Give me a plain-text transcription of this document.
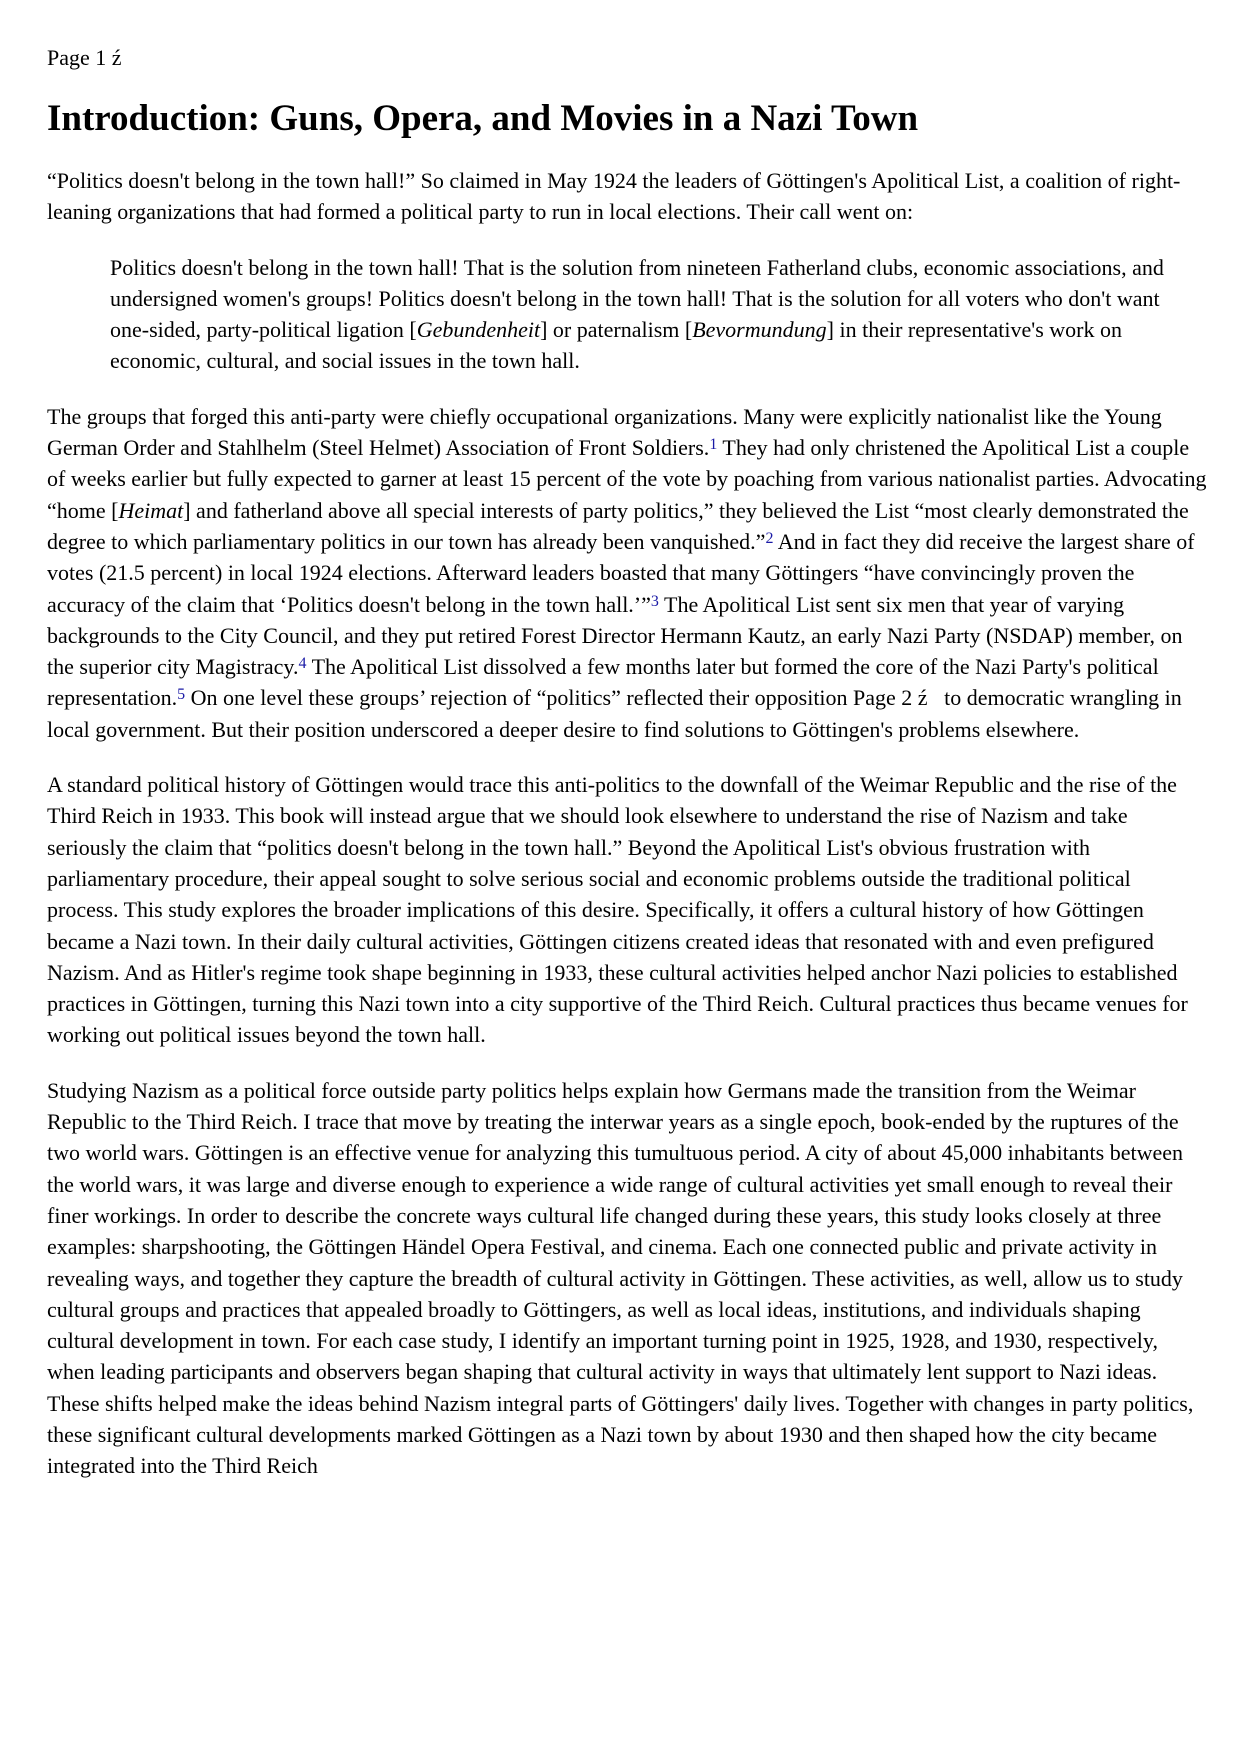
Page 1 ź
Introduction: Guns, Opera, and Movies in a Nazi Town

“Politics doesn't belong in the town hall!” So claimed in May 1924 the leaders of Göttingen's Apolitical List, a coalition of right-leaning organizations that had formed a political party to run in local elections. Their call went on:

Politics doesn't belong in the town hall! That is the solution from nineteen Fatherland clubs, economic associations, and undersigned women's groups! Politics doesn't belong in the town hall! That is the solution for all voters who don't want one-sided, party-political ligation [Gebundenheit] or paternalism [Bevormundung] in their representative's work on economic, cultural, and social issues in the town hall.

The groups that forged this anti-party were chiefly occupational organizations. Many were explicitly nationalist like the Young German Order and Stahlhelm (Steel Helmet) Association of Front Soldiers.$^1$ They had only christened the Apolitical List a couple of weeks earlier but fully expected to garner at least 15 percent of the vote by poaching from various nationalist parties. Advocating “home [Heimat] and fatherland above all special interests of party politics,” they believed the List “most clearly demonstrated the degree to which parliamentary politics in our town has already been vanquished.”$^2$ And in fact they did receive the largest share of votes (21.5 percent) in local 1924 elections. Afterward leaders boasted that many Göttingers “have convincingly proven the accuracy of the claim that ‘Politics doesn't belong in the town hall.’”$^3$ The Apolitical List sent six men that year of varying backgrounds to the City Council, and they put retired Forest Director Hermann Kautz, an early Nazi Party (NSDAP) member, on the superior city Magistracy.$^4$ The Apolitical List dissolved a few months later but formed the core of the Nazi Party's political representation.$^5$ On one level these groups’ rejection of “politics” reflected their opposition Page 2 ź   to democratic wrangling in local government. But their position underscored a deeper desire to find solutions to Göttingen's problems elsewhere.

A standard political history of Göttingen would trace this anti-politics to the downfall of the Weimar Republic and the rise of the Third Reich in 1933. This book will instead argue that we should look elsewhere to understand the rise of Nazism and take seriously the claim that “politics doesn't belong in the town hall.” Beyond the Apolitical List's obvious frustration with parliamentary procedure, their appeal sought to solve serious social and economic problems outside the traditional political process. This study explores the broader implications of this desire. Specifically, it offers a cultural history of how Göttingen became a Nazi town. In their daily cultural activities, Göttingen citizens created ideas that resonated with and even prefigured Nazism. And as Hitler's regime took shape beginning in 1933, these cultural activities helped anchor Nazi policies to established practices in Göttingen, turning this Nazi town into a city supportive of the Third Reich. Cultural practices thus became venues for working out political issues beyond the town hall.

Studying Nazism as a political force outside party politics helps explain how Germans made the transition from the Weimar Republic to the Third Reich. I trace that move by treating the interwar years as a single epoch, book-ended by the ruptures of the two world wars. Göttingen is an effective venue for analyzing this tumultuous period. A city of about 45,000 inhabitants between the world wars, it was large and diverse enough to experience a wide range of cultural activities yet small enough to reveal their finer workings. In order to describe the concrete ways cultural life changed during these years, this study looks closely at three examples: sharpshooting, the Göttingen Händel Opera Festival, and cinema. Each one connected public and private activity in revealing ways, and together they capture the breadth of cultural activity in Göttingen. These activities, as well, allow us to study cultural groups and practices that appealed broadly to Göttingers, as well as local ideas, institutions, and individuals shaping cultural development in town. For each case study, I identify an important turning point in 1925, 1928, and 1930, respectively, when leading participants and observers began shaping that cultural activity in ways that ultimately lent support to Nazi ideas. These shifts helped make the ideas behind Nazism integral parts of Göttingers' daily lives. Together with changes in party politics, these significant cultural developments marked Göttingen as a Nazi town by about 1930 and then shaped how the city became integrated into the Third Reich
